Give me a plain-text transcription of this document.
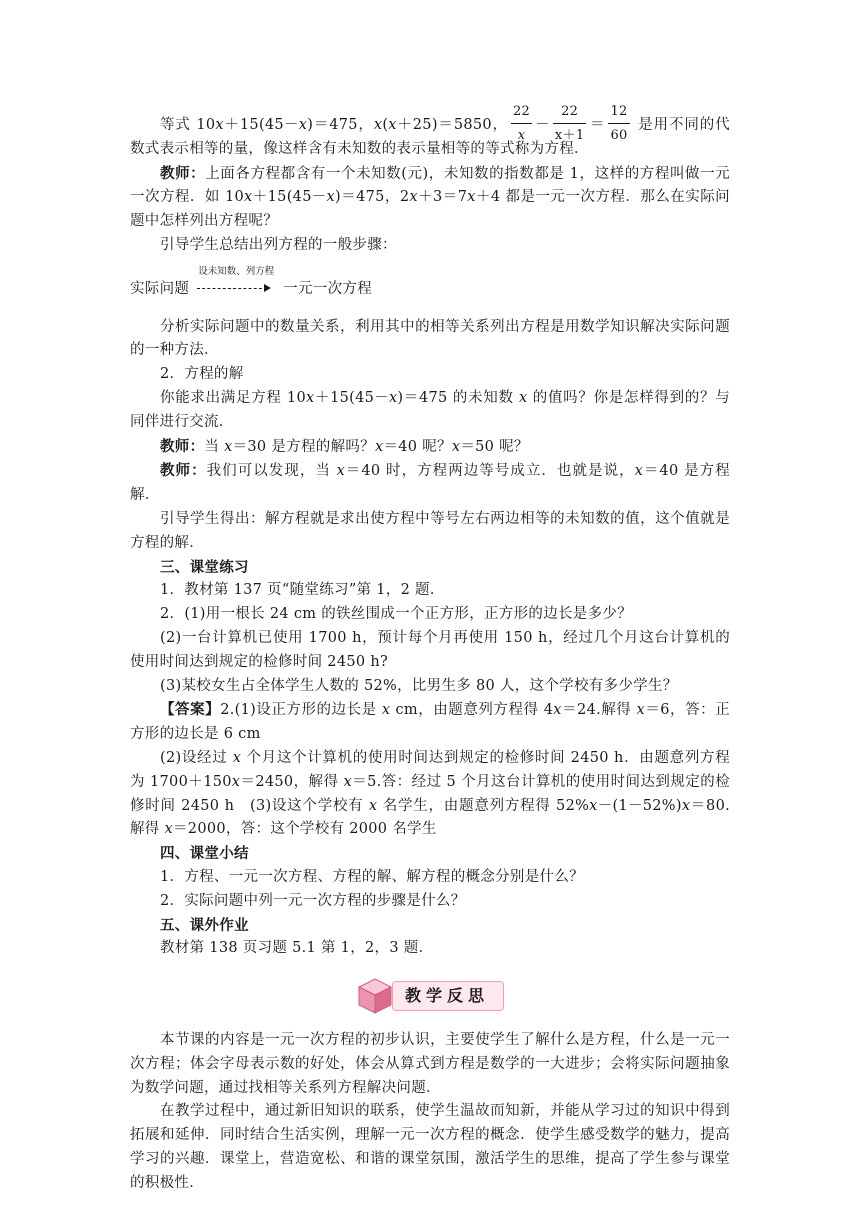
等式 10x＋15(45－x)＝475，x(x＋25)＝5850， $\frac{22}{x} - \frac{22}{x+1} = \frac{12}{60}$ 是用不同的代数式表示相等的量，像这样含有未知数的表示量相等的等式称为方程．

教师：上面各方程都含有一个未知数(元)，未知数的指数都是 1，这样的方程叫做一元一次方程．如 10x＋15(45－x)＝475，2x＋3＝7x＋4 都是一元一次方程．那么在实际问题中怎样列出方程呢？

引导学生总结出列方程的一般步骤：

实际问题
设未知数、列方程
一元一次方程

分析实际问题中的数量关系，利用其中的相等关系列出方程是用数学知识解决实际问题的一种方法．

2．方程的解

你能求出满足方程 10x＋15(45－x)＝475 的未知数 x 的值吗？你是怎样得到的？与同伴进行交流．

教师：当 x＝30 是方程的解吗？x＝40 呢？x＝50 呢？

教师：我们可以发现，当 x＝40 时，方程两边等号成立．也就是说，x＝40 是方程解．

引导学生得出：解方程就是求出使方程中等号左右两边相等的未知数的值，这个值就是方程的解．

三、课堂练习

1．教材第 137 页“随堂练习”第 1，2 题．

2．(1)用一根长 24 cm 的铁丝围成一个正方形，正方形的边长是多少？

(2)一台计算机已使用 1700 h，预计每个月再使用 150 h，经过几个月这台计算机的使用时间达到规定的检修时间 2450 h?

(3)某校女生占全体学生人数的 52%，比男生多 80 人，这个学校有多少学生？

【答案】2.(1)设正方形的边长是 x cm，由题意列方程得 4x＝24.解得 x＝6，答：正方形的边长是 6 cm

(2)设经过 x 个月这个计算机的使用时间达到规定的检修时间 2450 h．由题意列方程为 1700＋150x＝2450，解得 x＝5.答：经过 5 个月这台计算机的使用时间达到规定的检修时间 2450 h　(3)设这个学校有 x 名学生，由题意列方程得 52%x－(1－52%)x＝80.解得 x＝2000，答：这个学校有 2000 名学生

四、课堂小结

1．方程、一元一次方程、方程的解、解方程的概念分别是什么？

2．实际问题中列一元一次方程的步骤是什么？

五、课外作业

教材第 138 页习题 5.1 第 1，2，3 题．

教学反思

本节课的内容是一元一次方程的初步认识，主要使学生了解什么是方程，什么是一元一次方程；体会字母表示数的好处，体会从算式到方程是数学的一大进步；会将实际问题抽象为数学问题，通过找相等关系列方程解决问题．

在教学过程中，通过新旧知识的联系，使学生温故而知新，并能从学习过的知识中得到拓展和延伸．同时结合生活实例，理解一元一次方程的概念．使学生感受数学的魅力，提高学习的兴趣．课堂上，营造宽松、和谐的课堂氛围，激活学生的思维，提高了学生参与课堂的积极性．
